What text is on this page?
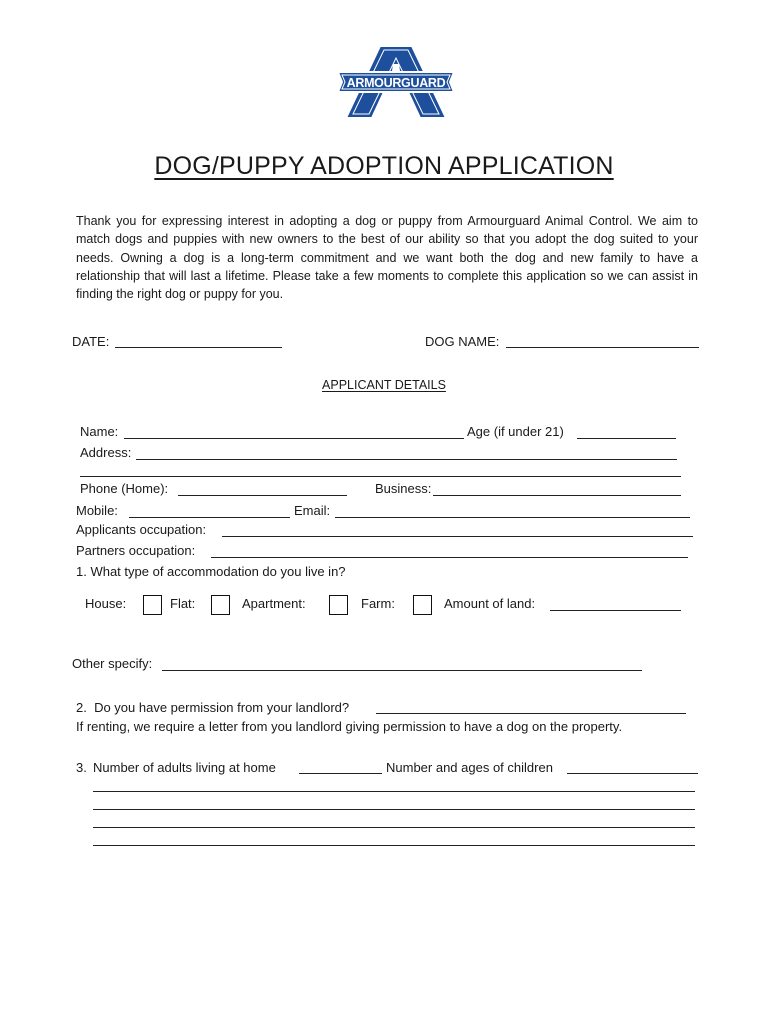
ARMOURGUARD
DOG/PUPPY ADOPTION APPLICATION
Thank you for expressing interest in adopting a dog or puppy from Armourguard Animal Control. We aim to match dogs and puppies with new owners to the best of our ability so that you adopt the dog suited to your needs. Owning a dog is a long-term commitment and we want both the dog and new family to have a relationship that will last a lifetime. Please take a few moments to complete this application so we can assist in finding the right dog or puppy for you.
DATE:	DOG NAME:
APPLICANT DETAILS
Name:	Age (if under 21)
Address:
Phone (Home):	Business:
Mobile:	Email:
Applicants occupation:
Partners occupation:
1. What type of accommodation do you live in?
House:	Flat:	Apartment:	Farm:	Amount of land:
Other specify:
2.  Do you have permission from your landlord?
If renting, we require a letter from you landlord giving permission to have a dog on the property.
3. Number of adults living at home	Number and ages of children
